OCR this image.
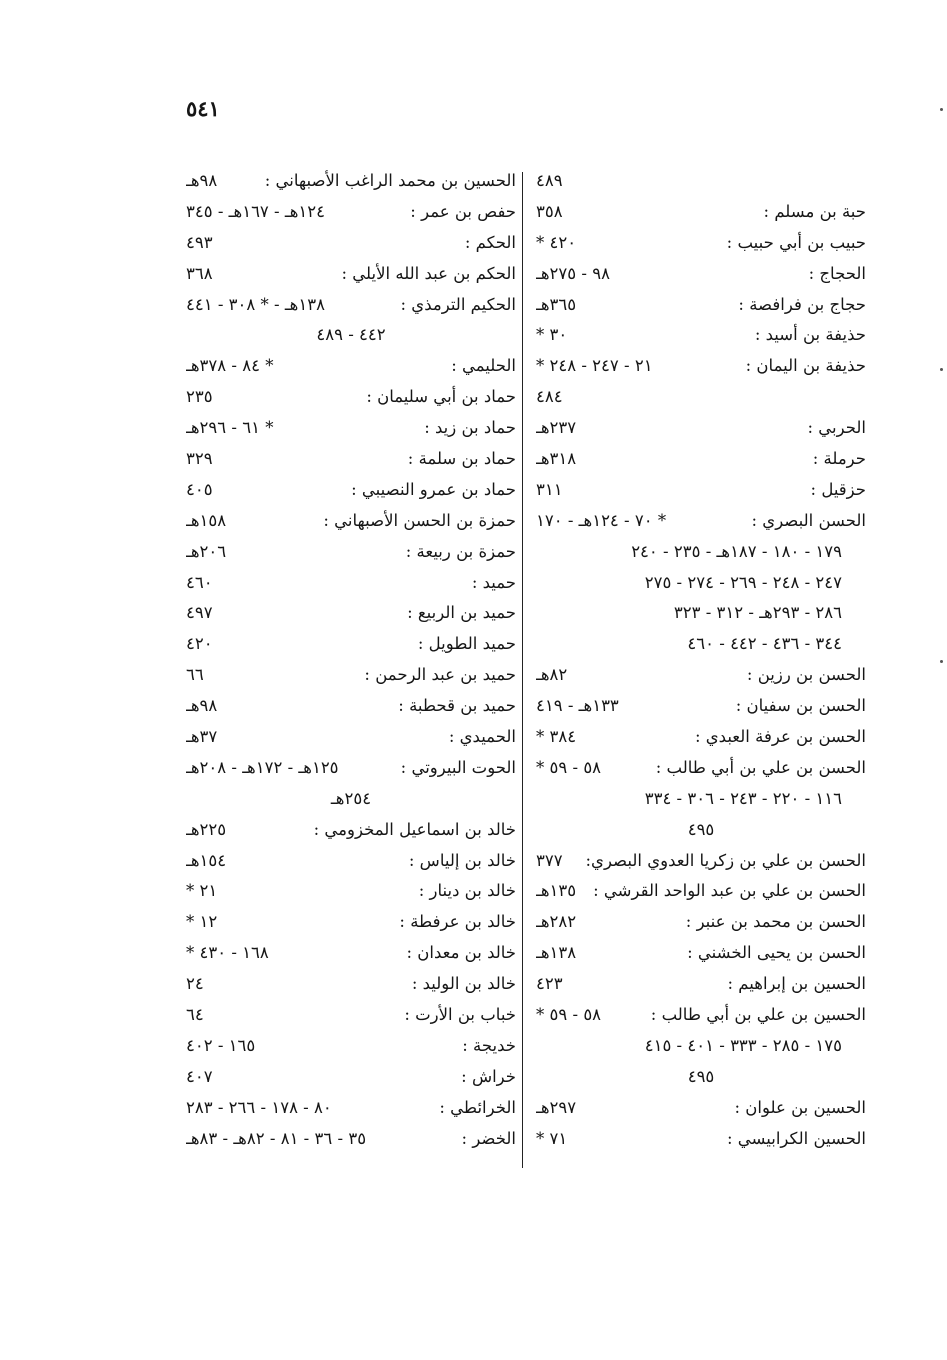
٥٤١
٤٨٩
حبة بن مسلم :
٣٥٨
حبيب بن أبي حبيب :
* ٤٢٠
الحجاج :
٩٨ - ٢٧٥هـ
حجاج بن فرافصة :
٣٦٥هـ
حذيفة بن أسيد :
* ٣٠
حذيفة بن اليمان :
* ٢١ - ٢٤٧ - ٢٤٨
٤٨٤
الحربي :
٢٣٧هـ
حرملة :
٣١٨هـ
حزقيل :
٣١١
الحسن البصري :
* ٧٠ - ١٢٤هـ - ١٧٠
١٧٩ - ١٨٠ - ١٨٧هـ - ٢٣٥ - ٢٤٠
٢٤٧ - ٢٤٨ - ٢٦٩ - ٢٧٤ - ٢٧٥
٢٨٦ - ٢٩٣هـ - ٣١٢ - ٣٢٣
٣٤٤ - ٤٣٦ - ٤٤٢ - ٤٦٠
الحسن بن رزين :
٨٢هـ
الحسن بن سفيان :
١٣٣هـ - ٤١٩
الحسن بن عرفة العبدي :
* ٣٨٤
الحسن بن علي بن أبي طالب :
* ٥٨ - ٥٩
١١٦ - ٢٢٠ - ٢٤٣ - ٣٠٦ - ٣٣٤
٤٩٥
الحسن بن علي بن زكريا العدوي البصري:
٣٧٧
الحسن بن علي بن عبد الواحد القرشي :
١٣٥هـ
الحسن بن محمد بن عنبر :
٢٨٢هـ
الحسن بن يحيى الخشني :
١٣٨هـ
الحسين بن إبراهيم :
٤٢٣
الحسين بن علي بن أبي طالب :
* ٥٨ - ٥٩
١٧٥ - ٢٨٥ - ٣٣٣ - ٤٠١ - ٤١٥
٤٩٥
الحسين بن علوان :
٢٩٧هـ
الحسين الكرابيسي :
* ٧١
الحسين بن محمد الراغب الأصبهاني :
٩٨هـ
حفص بن عمر :
١٢٤هـ - ١٦٧هـ - ٣٤٥
الحكم :
٤٩٣
الحكم بن عبد الله الأيلي :
٣٦٨
الحكيم الترمذي :
١٣٨هـ - * ٣٠٨ - ٤٤١
٤٤٢ - ٤٨٩
الحليمي :
* ٨٤ - ٣٧٨هـ
حماد بن أبي سليمان :
٢٣٥
حماد بن زيد :
* ٦١ - ٢٩٦هـ
حماد بن سلمة :
٣٢٩
حماد بن عمرو النصيبي :
٤٠٥
حمزة بن الحسن الأصبهاني :
١٥٨هـ
حمزة بن ربيعة :
٢٠٦هـ
حميد :
٤٦٠
حميد بن الربيع :
٤٩٧
حميد الطويل :
٤٢٠
حميد بن عبد الرحمن :
٦٦
حميد بن قحطبة :
٩٨هـ
الحميدي :
٣٧هـ
الحوت البيروتي :
١٢٥هـ - ١٧٢هـ - ٢٠٨هـ
٢٥٤هـ
خالد بن اسماعيل المخزومي :
٢٢٥هـ
خالد بن إلياس :
١٥٤هـ
خالد بن دينار :
* ٢١
خالد بن عرفطة :
* ١٢
خالد بن معدان :
* ١٦٨ - ٤٣٠
خالد بن الوليد :
٢٤
خباب بن الأرت :
٦٤
خديجة :
١٦٥ - ٤٠٢
خراش :
٤٠٧
الخرائطي :
٨٠ - ١٧٨ - ٢٦٦ - ٢٨٣
الخضر :
٣٥ - ٣٦ - ٨١ - ٨٢هـ - ٨٣هـ
